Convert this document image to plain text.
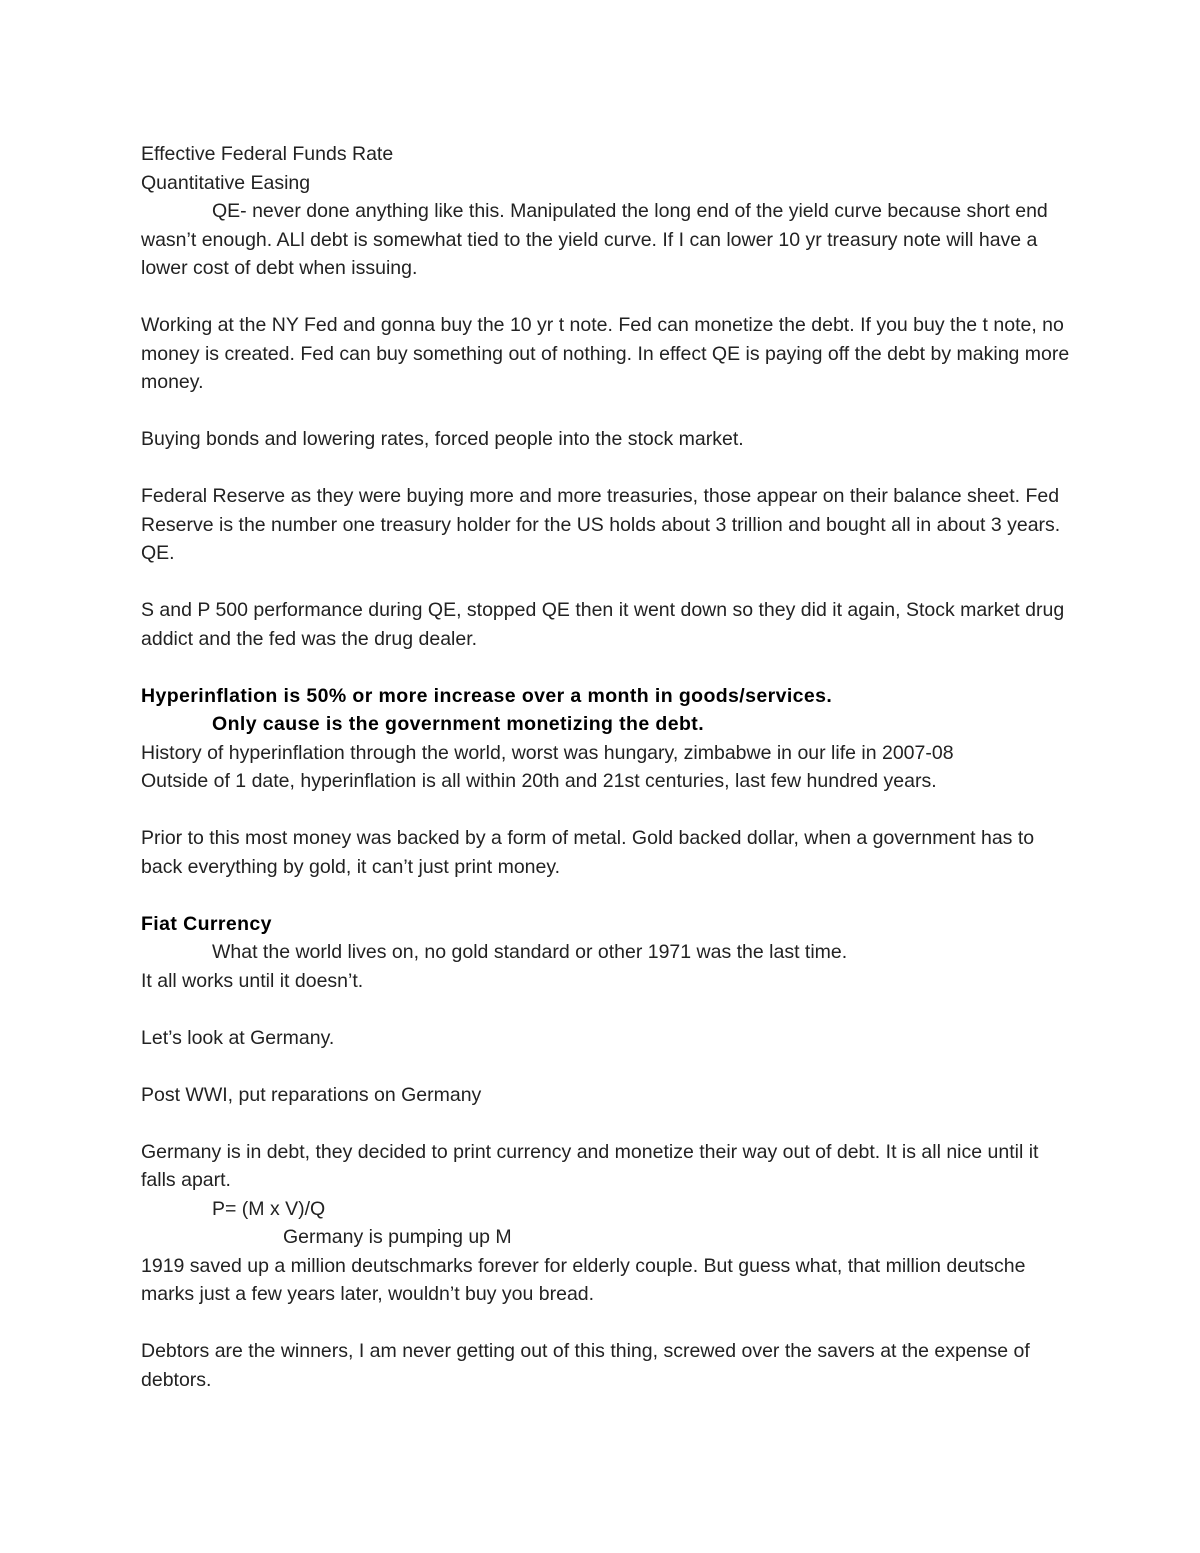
Effective Federal Funds Rate

Quantitative Easing

QE- never done anything like this. Manipulated the long end of the yield curve because short end wasn’t enough. ALl debt is somewhat tied to the yield curve. If I can lower 10 yr treasury note will have a lower cost of debt when issuing.

Working at the NY Fed and gonna buy the 10 yr t note. Fed can monetize the debt. If you buy the t note, no money is created. Fed can buy something out of nothing. In effect QE is paying off the debt by making more money.

Buying bonds and lowering rates, forced people into the stock market.

Federal Reserve as they were buying more and more treasuries, those appear on their balance sheet. Fed Reserve is the number one treasury holder for the US holds about 3 trillion and bought all in about 3 years. QE.

S and P 500 performance during QE, stopped QE then it went down so they did it again, Stock market drug addict and the fed was the drug dealer.

Hyperinflation is 50% or more increase over a month in goods/services.

Only cause is the government monetizing the debt.

History of hyperinflation through the world, worst was hungary, zimbabwe in our life in 2007-08

Outside of 1 date, hyperinflation is all within 20th and 21st centuries, last few hundred years.

Prior to this most money was backed by a form of metal. Gold backed dollar, when a government has to back everything by gold, it can’t just print money.

Fiat Currency

What the world lives on, no gold standard or other 1971 was the last time.

It all works until it doesn’t.

Let’s look at Germany.

Post WWI, put reparations on Germany

Germany is in debt, they decided to print currency and monetize their way out of debt. It is all nice until it falls apart.

P= (M x V)/Q

Germany is pumping up M

1919 saved up a million deutschmarks forever for elderly couple. But guess what, that million deutsche marks just a few years later, wouldn’t buy you bread.

Debtors are the winners, I am never getting out of this thing, screwed over the savers at the expense of debtors.
